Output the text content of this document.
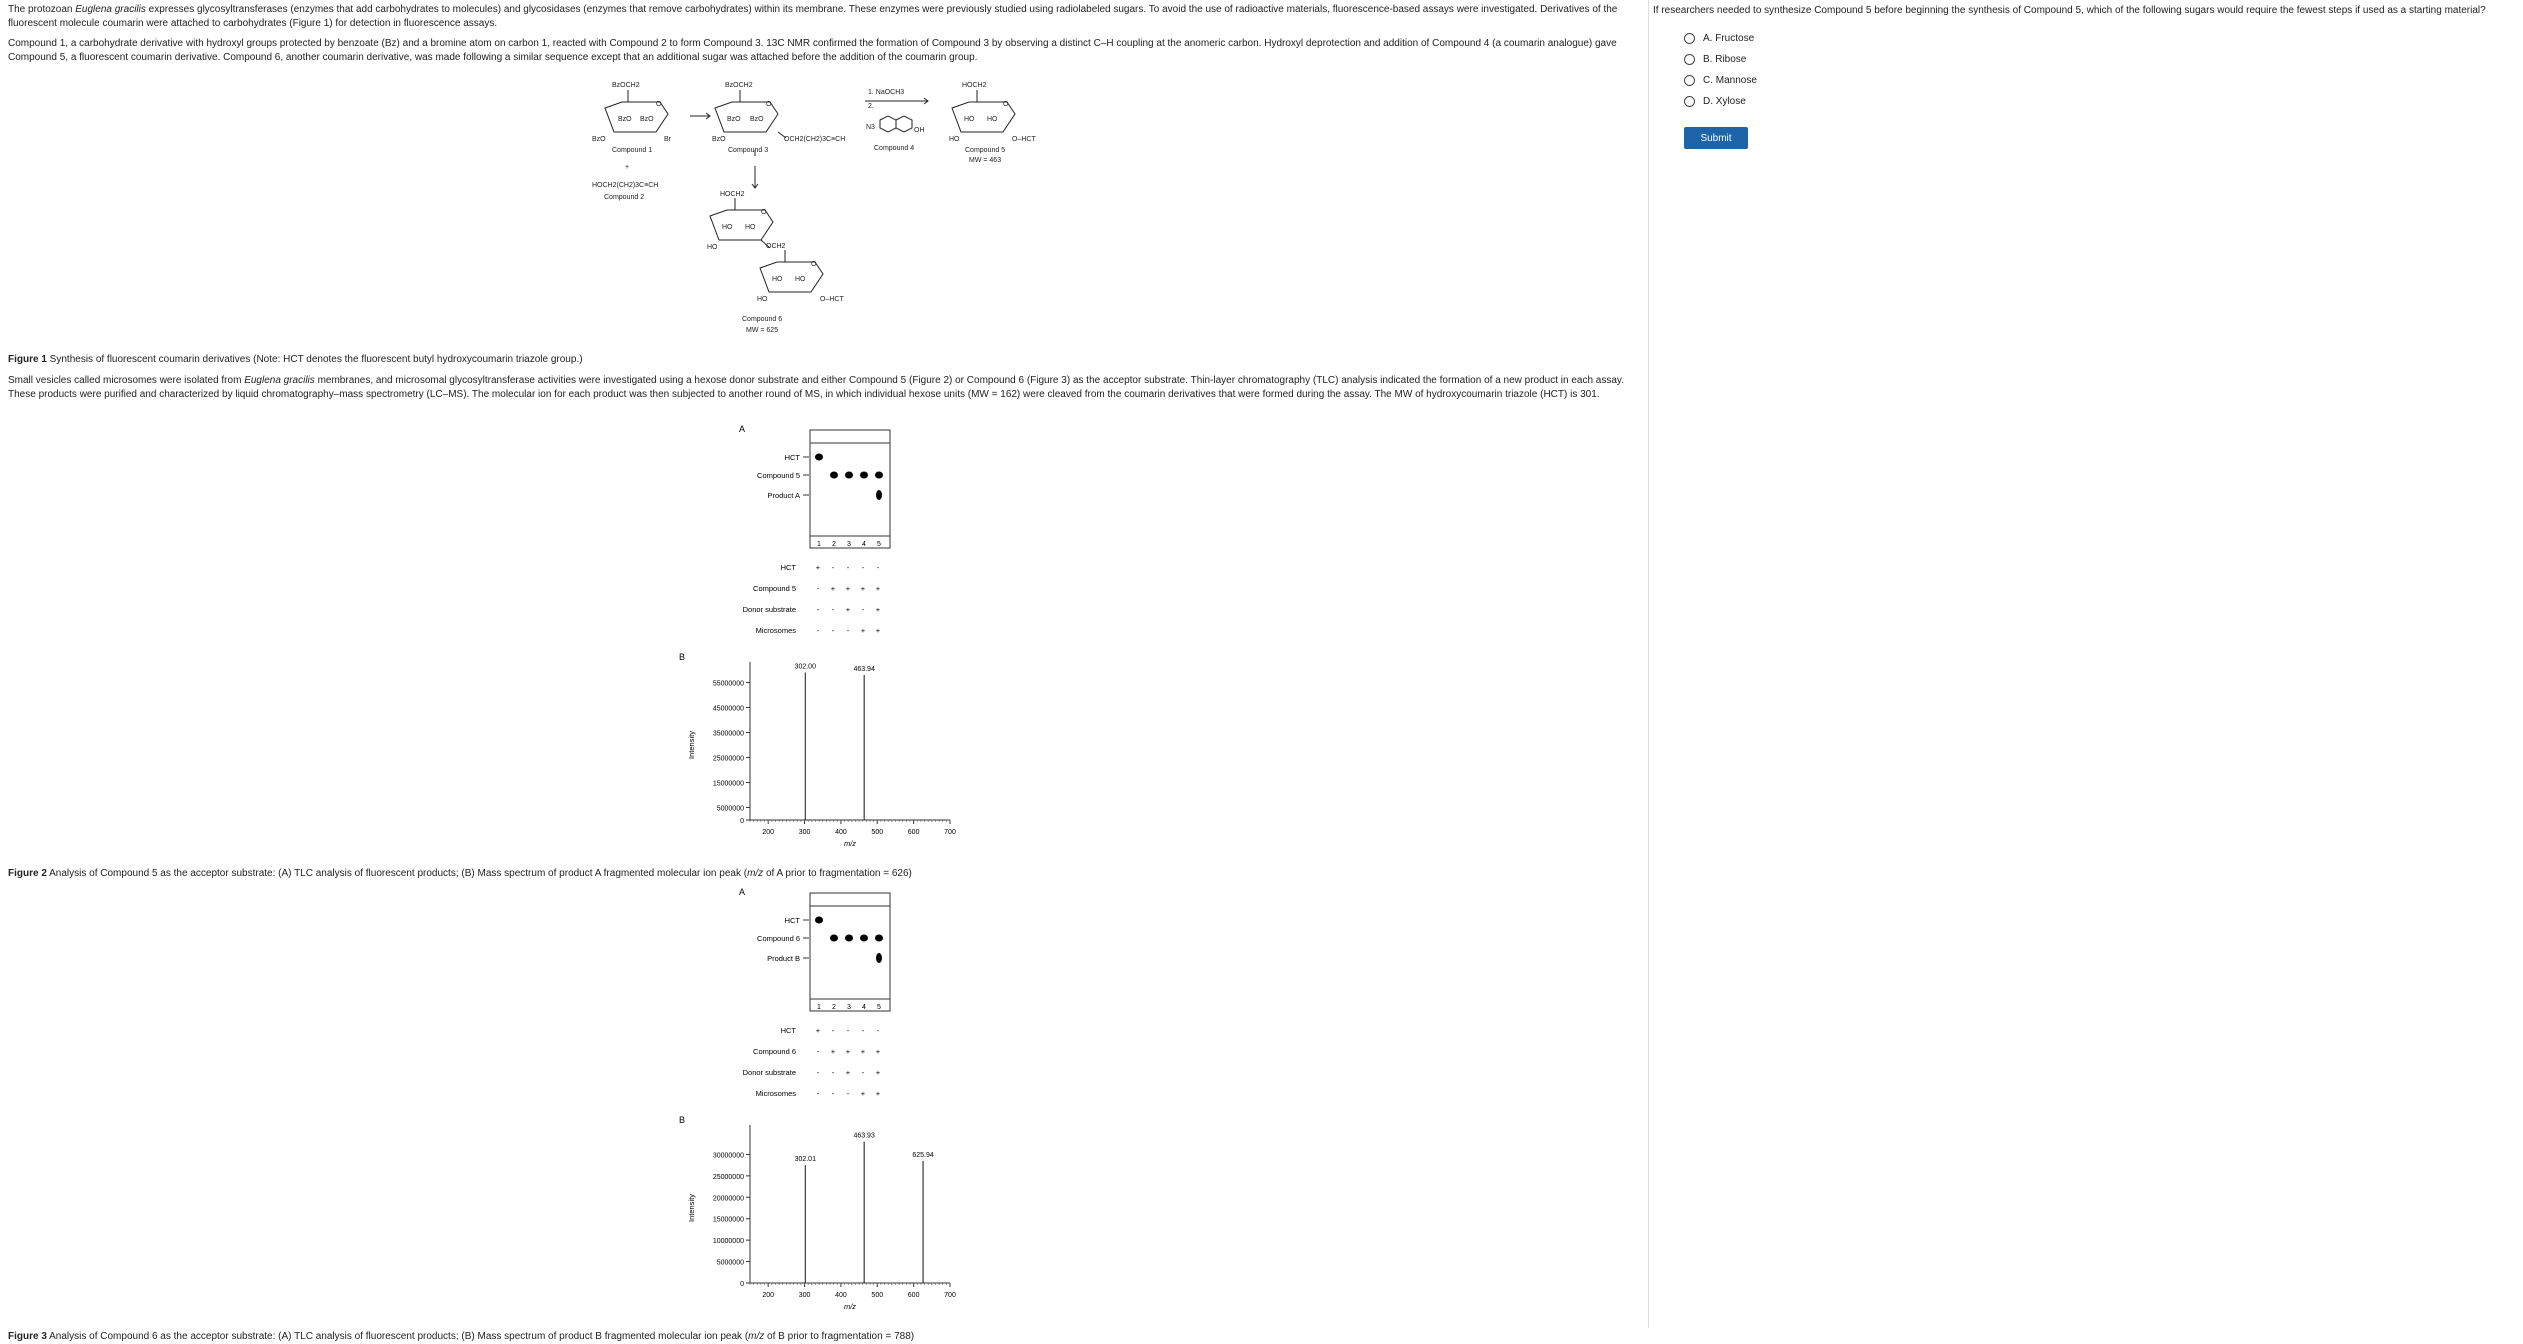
The protozoan Euglena gracilis expresses glycosyltransferases (enzymes that add carbohydrates to molecules) and glycosidases (enzymes that remove carbohydrates) within its membrane. These enzymes were previously studied using radiolabeled sugars. To avoid the use of radioactive materials, fluorescence-based assays were investigated. Derivatives of the fluorescent molecule coumarin were attached to carbohydrates (Figure 1) for detection in fluorescence assays.

Compound 1, a carbohydrate derivative with hydroxyl groups protected by benzoate (Bz) and a bromine atom on carbon 1, reacted with Compound 2 to form Compound 3. 13C NMR confirmed the formation of Compound 3 by observing a distinct C–H coupling at the anomeric carbon. Hydroxyl deprotection and addition of Compound 4 (a coumarin analogue) gave Compound 5, a fluorescent coumarin derivative. Compound 6, another coumarin derivative, was made following a similar sequence except that an additional sugar was attached before the addition of the coumarin group.

BzOCH2
O
BzO BzO
BzO	Br
Compound 1
+
HOCH2(CH2)3C≡CH
Compound 2
BzOCH2
O
BzO BzO
BzO	OCH2(CH2)3C≡CH
Compound 3
1. NaOCH3
2.
N3	OH
Compound 4
HOCH2
O
HO HO
HO	O–HCT
Compound 5
MW = 463
HOCH2
O
HO HO
HO	OCH2
O
HO HO
HO	O–HCT
Compound 6
MW = 625
Figure 1 Synthesis of fluorescent coumarin derivatives (Note: HCT denotes the fluorescent butyl hydroxycoumarin triazole group.)

Small vesicles called microsomes were isolated from Euglena gracilis membranes, and microsomal glycosyltransferase activities were investigated using a hexose donor substrate and either Compound 5 (Figure 2) or Compound 6 (Figure 3) as the acceptor substrate. Thin-layer chromatography (TLC) analysis indicated the formation of a new product in each assay. These products were purified and characterized by liquid chromatography–mass spectrometry (LC–MS). The molecular ion for each product was then subjected to another round of MS, in which individual hexose units (MW = 162) were cleaved from the coumarin derivatives that were formed during the assay. The MW of hydroxycoumarin triazole (HCT) is 301.

A
HCT
Compound 5
Product A
1 2 3 4 5
HCT	+ - - - -
Compound 5	- + + + +
Donor substrate	- - + - +
Microsomes	- - - + +
B
0
5000000
15000000
25000000
35000000
45000000
55000000
200	300	400	500	600	700
Intensity
m/z
302.00	463.94
Figure 2 Analysis of Compound 5 as the acceptor substrate: (A) TLC analysis of fluorescent products; (B) Mass spectrum of product A fragmented molecular ion peak (m/z of A prior to fragmentation = 626)
A
HCT
Compound 6
Product B
1 2 3 4 5
HCT	+ - - - -
Compound 6	- + + + +
Donor substrate	- - + - +
Microsomes	- - - + +
B
0
5000000
10000000
15000000
20000000
25000000
30000000
200	300	400	500	600	700
Intensity
m/z
302.01
463.93
625.94
Figure 3 Analysis of Compound 6 as the acceptor substrate: (A) TLC analysis of fluorescent products; (B) Mass spectrum of product B fragmented molecular ion peak (m/z of B prior to fragmentation = 788)
If researchers needed to synthesize Compound 5 before beginning the synthesis of Compound 5, which of the following sugars would require the fewest steps if used as a starting material?
A. Fructose
B. Ribose
C. Mannose
D. Xylose
Submit
